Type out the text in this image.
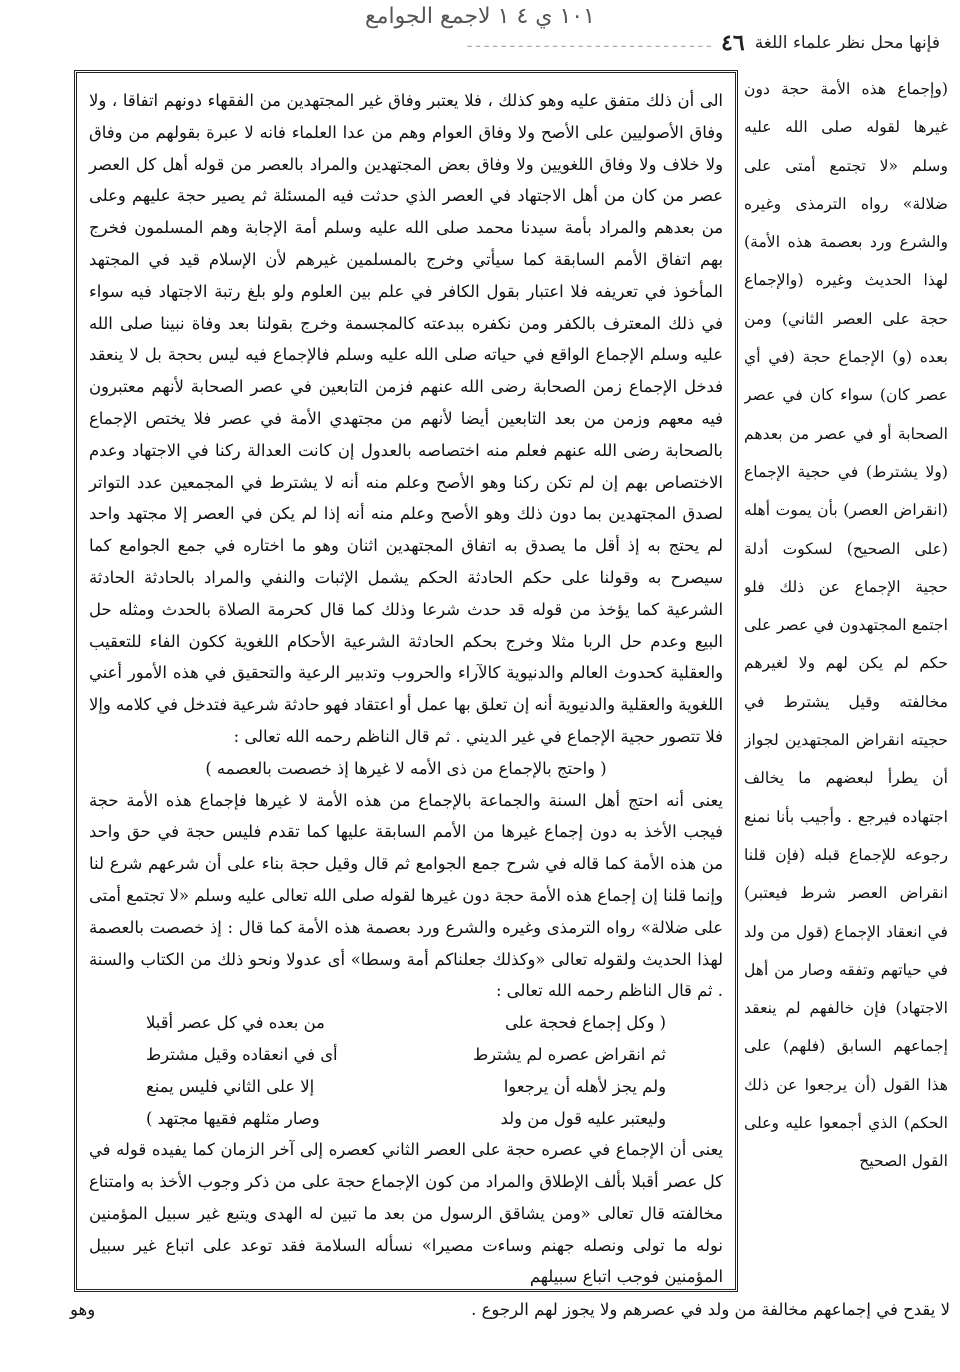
١٠١ ي ٤ ١ لاجمع الجوامع
فإنها محل نظر علماء اللغة
٤٦
ـ ـ ـ ـ ـ ـ ـ ـ ـ ـ ـ ـ ـ ـ ـ ـ ـ ـ ـ ـ ـ ـ ـ ـ ـ ـ ـ ـ ـ

الى أن ذلك متفق عليه وهو كذلك ، فلا يعتبر وفاق غير المجتهدين من الفقهاء دونهم اتفاقا ، ولا وفاق الأصوليين على الأصح ولا وفاق العوام وهم من عدا العلماء فانه لا عبرة بقولهم من وفاق ولا خلاف ولا وفاق اللغويين ولا وفاق بعض المجتهدين والمراد بالعصر من قوله أهل كل العصر عصر من كان من أهل الاجتهاد في العصر الذي حدثت فيه المسئلة ثم يصير حجة عليهم وعلى من بعدهم والمراد بأمة سيدنا محمد صلى الله عليه وسلم أمة الإجابة وهم المسلمون فخرج بهم اتفاق الأمم السابقة كما سيأتي وخرج بالمسلمين غيرهم لأن الإسلام قيد في المجتهد المأخوذ في تعريفه فلا اعتبار بقول الكافر في علم بين العلوم ولو بلغ رتبة الاجتهاد فيه سواء في ذلك المعترف بالكفر ومن نكفره ببدعته كالمجسمة وخرج بقولنا بعد وفاة نبينا صلى الله عليه وسلم الإجماع الواقع في حياته صلى الله عليه وسلم فالإجماع فيه ليس بحجة بل لا ينعقد فدخل الإجماع زمن الصحابة رضى الله عنهم فزمن التابعين في عصر الصحابة لأنهم معتبرون فيه معهم وزمن من بعد التابعين أيضا لأنهم من مجتهدي الأمة في عصر فلا يختص الإجماع بالصحابة رضى الله عنهم فعلم منه اختصاصه بالعدول إن كانت العدالة ركنا في الاجتهاد وعدم الاختصاص بهم إن لم تكن ركنا وهو الأصح وعلم منه أنه لا يشترط في المجمعين عدد التواتر لصدق المجتهدين بما دون ذلك وهو الأصح وعلم منه أنه إذا لم يكن في العصر إلا مجتهد واحد لم يحتج به إذ أقل ما يصدق به اتفاق المجتهدين اثنان وهو ما اختاره في جمع الجوامع كما سيصرح به وقولنا على حكم الحادثة الحكم يشمل الإثبات والنفي والمراد بالحادثة الحادثة الشرعية كما يؤخذ من قوله قد حدث شرعا وذلك كما قال كحرمة الصلاة بالحدث ومثله حل البيع وعدم حل الربا مثلا وخرج بحكم الحادثة الشرعية الأحكام اللغوية ككون الفاء للتعقيب والعقلية كحدوث العالم والدنيوية كالآراء والحروب وتدبير الرعية والتحقيق في هذه الأمور أعني اللغوية والعقلية والدنيوية أنه إن تعلق بها عمل أو اعتقاد فهو حادثة شرعية فتدخل في كلامه وإلا فلا تتصور حجية الإجماع في غير الديني . ثم قال الناظم رحمه الله تعالى :

( واحتج بالإجماع من ذى الأمه لا غيرها إذ خصصت بالعصمه )

يعنى أنه احتج أهل السنة والجماعة بالإجماع من هذه الأمة لا غيرها فإجماع هذه الأمة حجة فيجب الأخذ به دون إجماع غيرها من الأمم السابقة عليها كما تقدم فليس حجة في حق واحد من هذه الأمة كما قاله في شرح جمع الجوامع ثم قال وقيل حجة بناء على أن شرعهم شرع لنا وإنما قلنا إن إجماع هذه الأمة حجة دون غيرها لقوله صلى الله تعالى عليه وسلم «لا تجتمع أمتى على ضلالة» رواه الترمذى وغيره والشرع ورد بعصمة هذه الأمة كما قال : إذ خصصت بالعصمة لهذا الحديث ولقوله تعالى «وكذلك جعلناكم أمة وسطا» أى عدولا ونحو ذلك من الكتاب والسنة . ثم قال الناظم رحمه الله تعالى :

( وكل إجماع فحجة على
من بعده في كل عصر أقبلا
ثم انقراض عصره لم يشترط
أى في انعقاده وقيل مشترط
ولم يجز لأهله أن يرجعوا
إلا على الثاني فليس يمنع
وليعتبر عليه قول من ولد
وصار مثلهم فقيها مجتهد )

يعنى أن الإجماع في عصره حجة على العصر الثاني كعصره إلى آخر الزمان كما يفيده قوله في كل عصر أقبلا بألف الإطلاق والمراد من كون الإجماع حجة على من ذكر وجوب الأخذ به وامتناع مخالفته قال تعالى «ومن يشاقق الرسول من بعد ما تبين له الهدى ويتبع غير سبيل المؤمنين نوله ما تولى ونصله جهنم وساءت مصيرا» نسأله السلامة فقد توعد على اتباع غير سبيل المؤمنين فوجب اتباع سبيلهم

(وإجماع هذه الأمة حجة دون غيرها لقوله صلى الله عليه وسلم «لا تجتمع أمتى على ضلالة» رواه الترمذى وغيره والشرع ورد بعصمة هذه الأمة) لهذا الحديث وغيره (والإجماع حجة على العصر الثاني) ومن بعده (و) الإجماع حجة (في أي عصر كان) سواء كان في عصر الصحابة أو في عصر من بعدهم (ولا يشترط) في حجية الإجماع (انقراض العصر) بأن يموت أهله (على الصحيح) لسكوت أدلة حجية الإجماع عن ذلك فلو اجتمع المجتهدون في عصر على حكم لم يكن لهم ولا لغيرهم مخالفته وقيل يشترط في حجيته انقراض المجتهدين لجواز أن يطرأ لبعضهم ما يخالف اجتهاده فيرجع . وأجيب بأنا نمنع رجوعه للإجماع قبله (فإن قلنا انقراض العصر شرط فيعتبر) في انعقاد الإجماع (قول من ولد في حياتهم وتفقه وصار من أهل الاجتهاد) فإن خالفهم لم ينعقد إجماعهم السابق (فلهم) على هذا القول (أن يرجعوا عن ذلك الحكم) الذي أجمعوا عليه وعلى القول الصحيح

لا يقدح في إجماعهم مخالفة من ولد في عصرهم ولا يجوز لهم الرجوع .
وهو
